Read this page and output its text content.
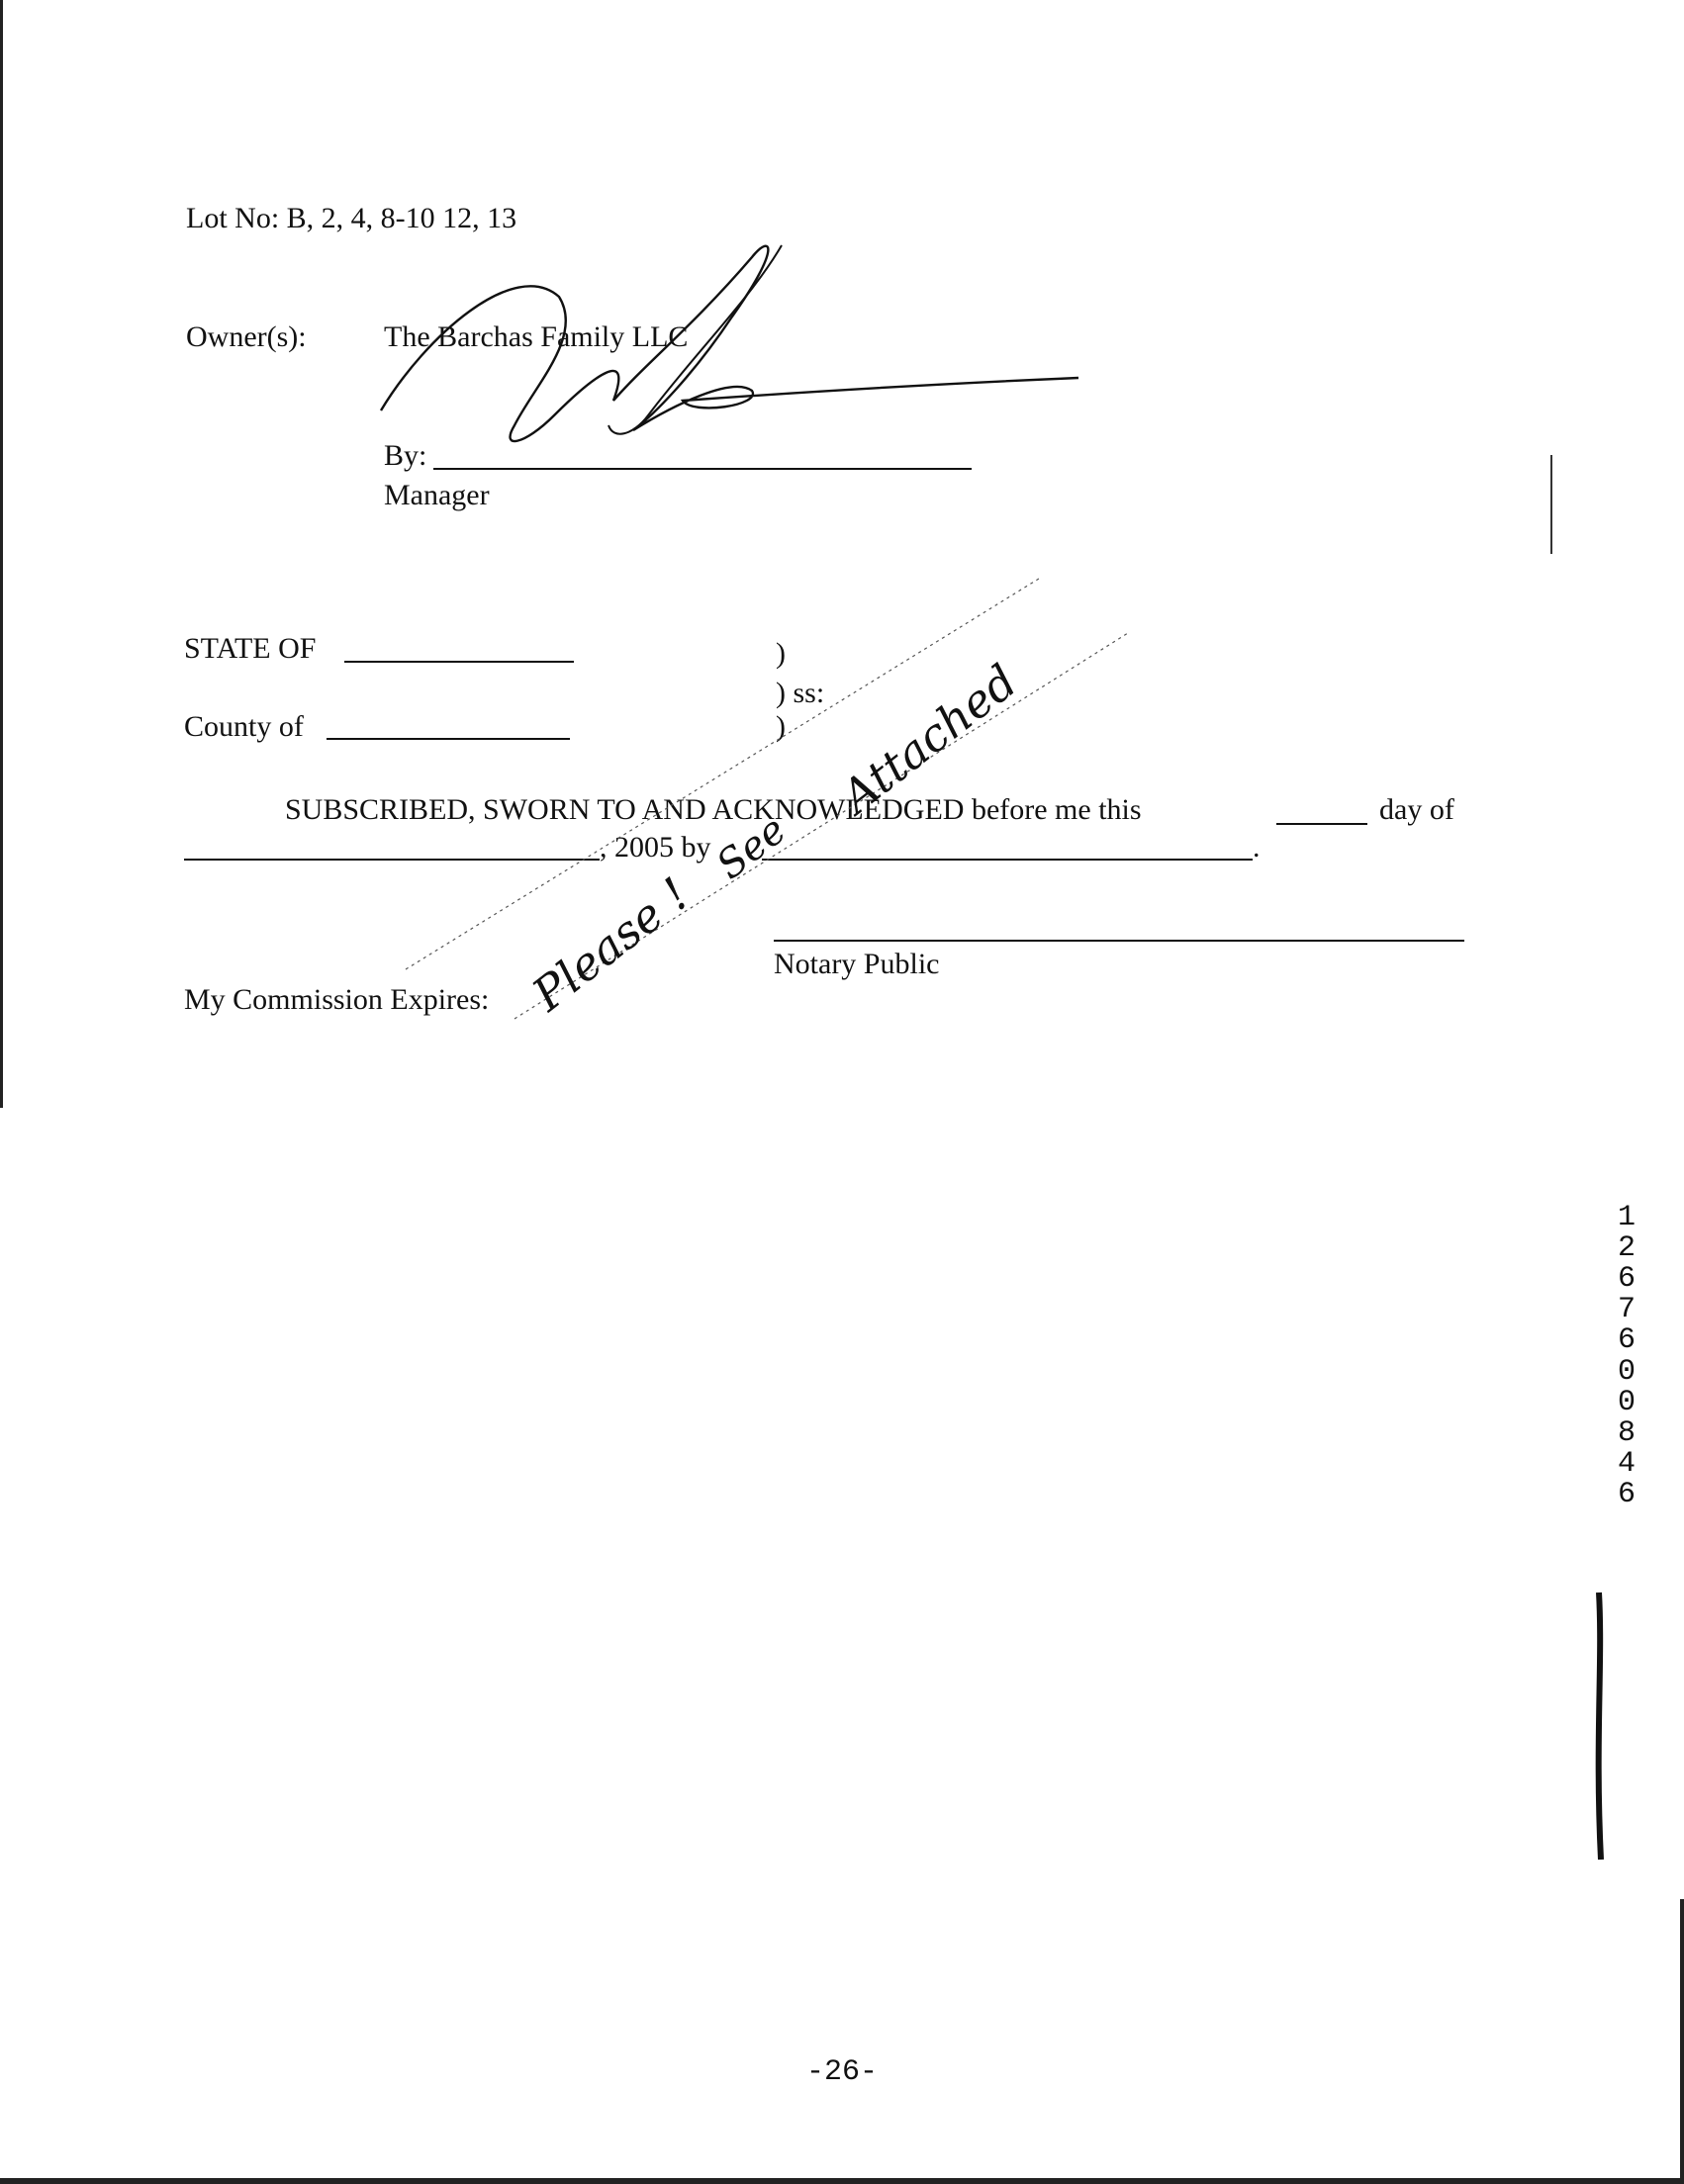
Lot No: B, 2, 4, 8-10 12, 13
Owner(s):	The Barchas Family LLC
By:
Manager
STATE OF	)
) ss:
County of	)
SUBSCRIBED, SWORN TO AND ACKNOWLEDGED before me this	day of
, 2005 by	.
Notary Public
My Commission Expires:
See
Attached
Please !
12676
00846
-26-
